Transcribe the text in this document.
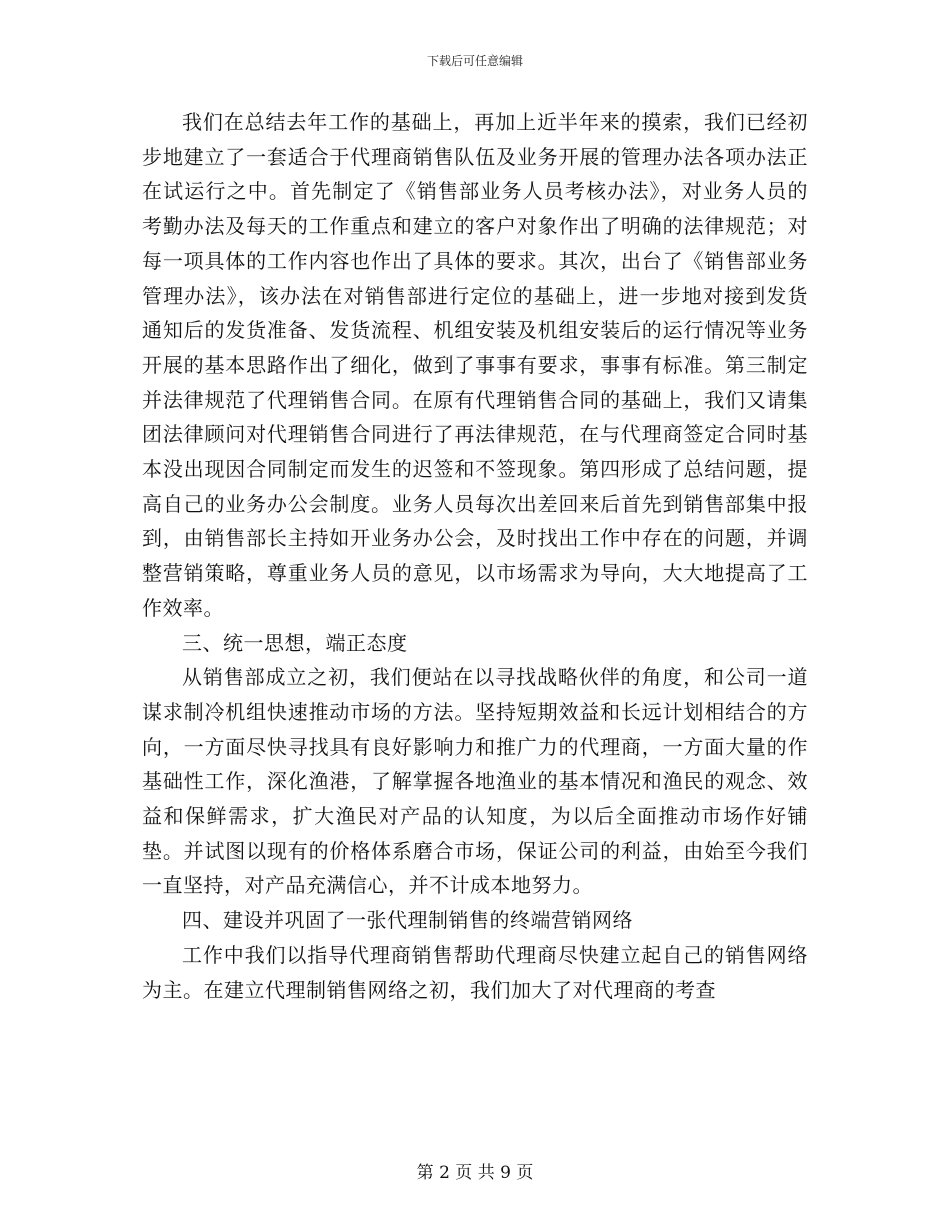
下载后可任意编辑

我们在总结去年工作的基础上，再加上近半年来的摸索，我们已经初步地建立了一套适合于代理商销售队伍及业务开展的管理办法各项办法正在试运行之中。首先制定了《销售部业务人员考核办法》，对业务人员的考勤办法及每天的工作重点和建立的客户对象作出了明确的法律规范；对每一项具体的工作内容也作出了具体的要求。其次，出台了《销售部业务管理办法》，该办法在对销售部进行定位的基础上，进一步地对接到发货通知后的发货准备、发货流程、机组安装及机组安装后的运行情况等业务开展的基本思路作出了细化，做到了事事有要求，事事有标准。第三制定并法律规范了代理销售合同。在原有代理销售合同的基础上，我们又请集团法律顾问对代理销售合同进行了再法律规范，在与代理商签定合同时基本没出现因合同制定而发生的迟签和不签现象。第四形成了总结问题，提高自己的业务办公会制度。业务人员每次出差回来后首先到销售部集中报到，由销售部长主持如开业务办公会，及时找出工作中存在的问题，并调整营销策略，尊重业务人员的意见，以市场需求为导向，大大地提高了工作效率。

三、统一思想，端正态度

从销售部成立之初，我们便站在以寻找战略伙伴的角度，和公司一道谋求制冷机组快速推动市场的方法。坚持短期效益和长远计划相结合的方向，一方面尽快寻找具有良好影响力和推广力的代理商，一方面大量的作基础性工作，深化渔港，了解掌握各地渔业的基本情况和渔民的观念、效益和保鲜需求，扩大渔民对产品的认知度，为以后全面推动市场作好铺垫。并试图以现有的价格体系磨合市场，保证公司的利益，由始至今我们一直坚持，对产品充满信心，并不计成本地努力。

四、建设并巩固了一张代理制销售的终端营销网络

工作中我们以指导代理商销售帮助代理商尽快建立起自己的销售网络为主。在建立代理制销售网络之初，我们加大了对代理商的考查

第 2 页 共 9 页
